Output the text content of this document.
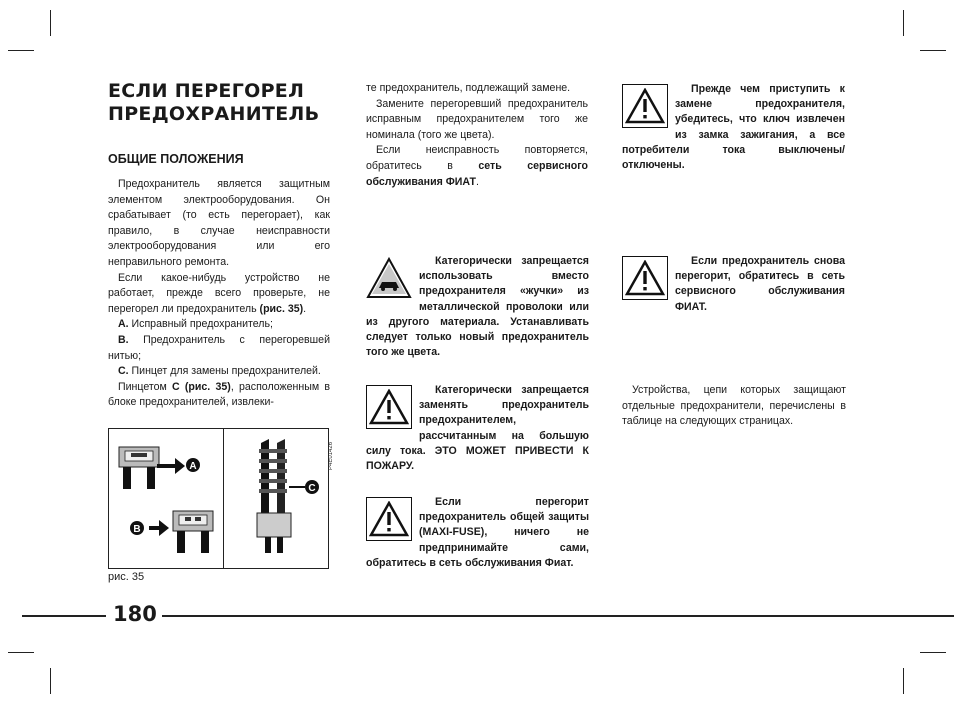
ЕСЛИ ПЕРЕГОРЕЛ ПРЕДОХРАНИТЕЛЬ
ОБЩИЕ ПОЛОЖЕНИЯ

Предохранитель является защитным элементом электрооборудования. Он срабатывает (то есть перегорает), как правило, в случае неисправности электрооборудования или его неправильного ремонта.

Если какое-нибудь устройство не работает, прежде всего проверьте, не перегорел ли предохранитель (рис. 35).

A. Исправный предохранитель;

B. Предохранитель с перегоревшей нитью;

C. Пинцет для замены предохранителей.

Пинцетом C (рис. 35), расположенным в блоке предохранителей, извлеки-

A
B
C
P4E01426
рис. 35

те предохранитель, подлежащий замене.

Замените перегоревший предохранитель исправным предохранителем того же номинала (того же цвета).

Если неисправность повторяется, обратитесь в сеть сервисного обслуживания ФИАТ.

Категорически запрещается использовать вместо предохранителя «жучки» из металлической проволоки или из другого материала. Устанавливать следует только новый предохранитель того же цвета.

Категорически запрещается заменять предохранитель предохранителем, рассчитанным на большую силу тока. ЭТО МОЖЕТ ПРИВЕСТИ К ПОЖАРУ.

Если перегорит предохранитель общей защиты (MAXI-FUSE), ничего не предпринимайте сами, обратитесь в сеть обслуживания Фиат.

Прежде чем приступить к замене предохранителя, убедитесь, что ключ извлечен из замка зажигания, а все потребители тока выключены/отключены.

Если предохранитель снова перегорит, обратитесь в сеть сервисного обслуживания ФИАТ.

Устройства, цепи которых защищают отдельные предохранители, перечислены в таблице на следующих страницах.

180
